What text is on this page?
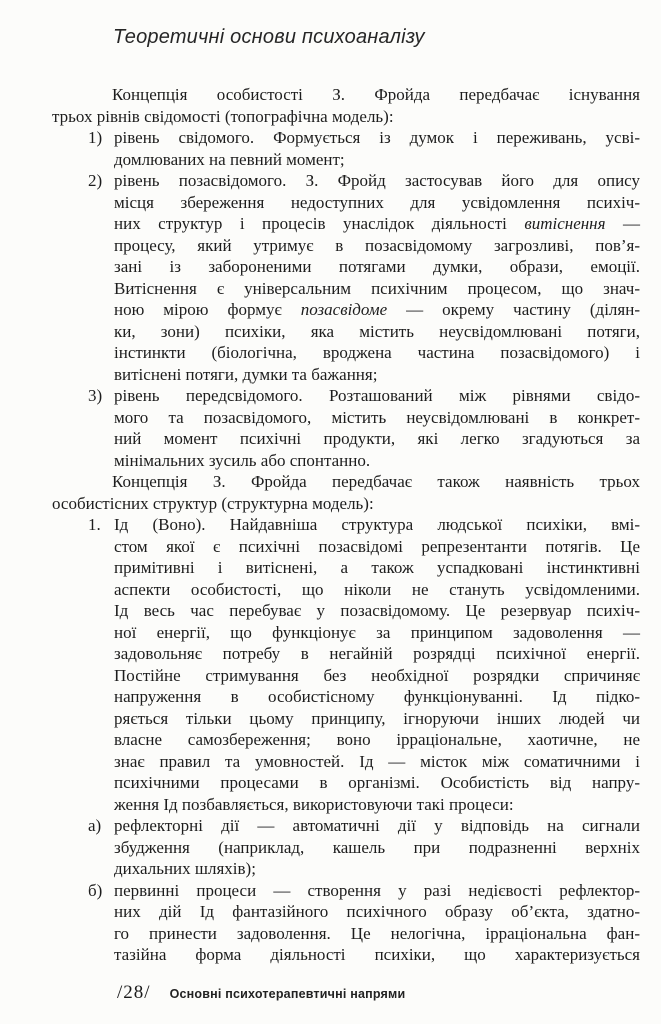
Теоретичні основи психоаналізу
Концепція особистості З. Фройда передбачає існування
трьох рівнів свідомості (топографічна модель):
1) рівень свідомого. Формується із думок і переживань, усві-
домлюваних на певний момент;
2) рівень позасвідомого. З. Фройд застосував його для опису
місця збереження недоступних для усвідомлення психіч-
них структур і процесів унаслідок діяльності витіснення —
процесу, який утримує в позасвідомому загрозливі, пов’я-
зані із забороненими потягами думки, образи, емоції.
Витіснення є універсальним психічним процесом, що знач-
ною мірою формує позасвідоме — окрему частину (ділян-
ки, зони) психіки, яка містить неусвідомлювані потяги,
інстинкти (біологічна, вроджена частина позасвідомого) і
витіснені потяги, думки та бажання;
3) рівень передсвідомого. Розташований між рівнями свідо-
мого та позасвідомого, містить неусвідомлювані в конкрет-
ний момент психічні продукти, які легко згадуються за
мінімальних зусиль або спонтанно.
Концепція З. Фройда передбачає також наявність трьох
особистісних структур (структурна модель):
1. Ід (Воно). Найдавніша структура людської психіки, вмі-
стом якої є психічні позасвідомі репрезентанти потягів. Це
примітивні і витіснені, а також успадковані інстинктивні
аспекти особистості, що ніколи не стануть усвідомленими.
Ід весь час перебуває у позасвідомому. Це резервуар психіч-
ної енергії, що функціонує за принципом задоволення —
задовольняє потребу в негайній розрядці психічної енергії.
Постійне стримування без необхідної розрядки спричиняє
напруження в особистісному функціонуванні. Ід підко-
ряється тільки цьому принципу, ігноруючи інших людей чи
власне самозбереження; воно ірраціональне, хаотичне, не
знає правил та умовностей. Ід — місток між соматичними і
психічними процесами в організмі. Особистість від напру-
ження Ід позбавляється, використовуючи такі процеси:
а) рефлекторні дії — автоматичні дії у відповідь на сигнали
збудження (наприклад, кашель при подразненні верхніх
дихальних шляхів);
б) первинні процеси — створення у разі недієвості рефлектор-
них дій Ід фантазійного психічного образу об’єкта, здатно-
го принести задоволення. Це нелогічна, ірраціональна фан-
тазійна форма діяльності психіки, що характеризується
/28/ Основні психотерапевтичні напрями
